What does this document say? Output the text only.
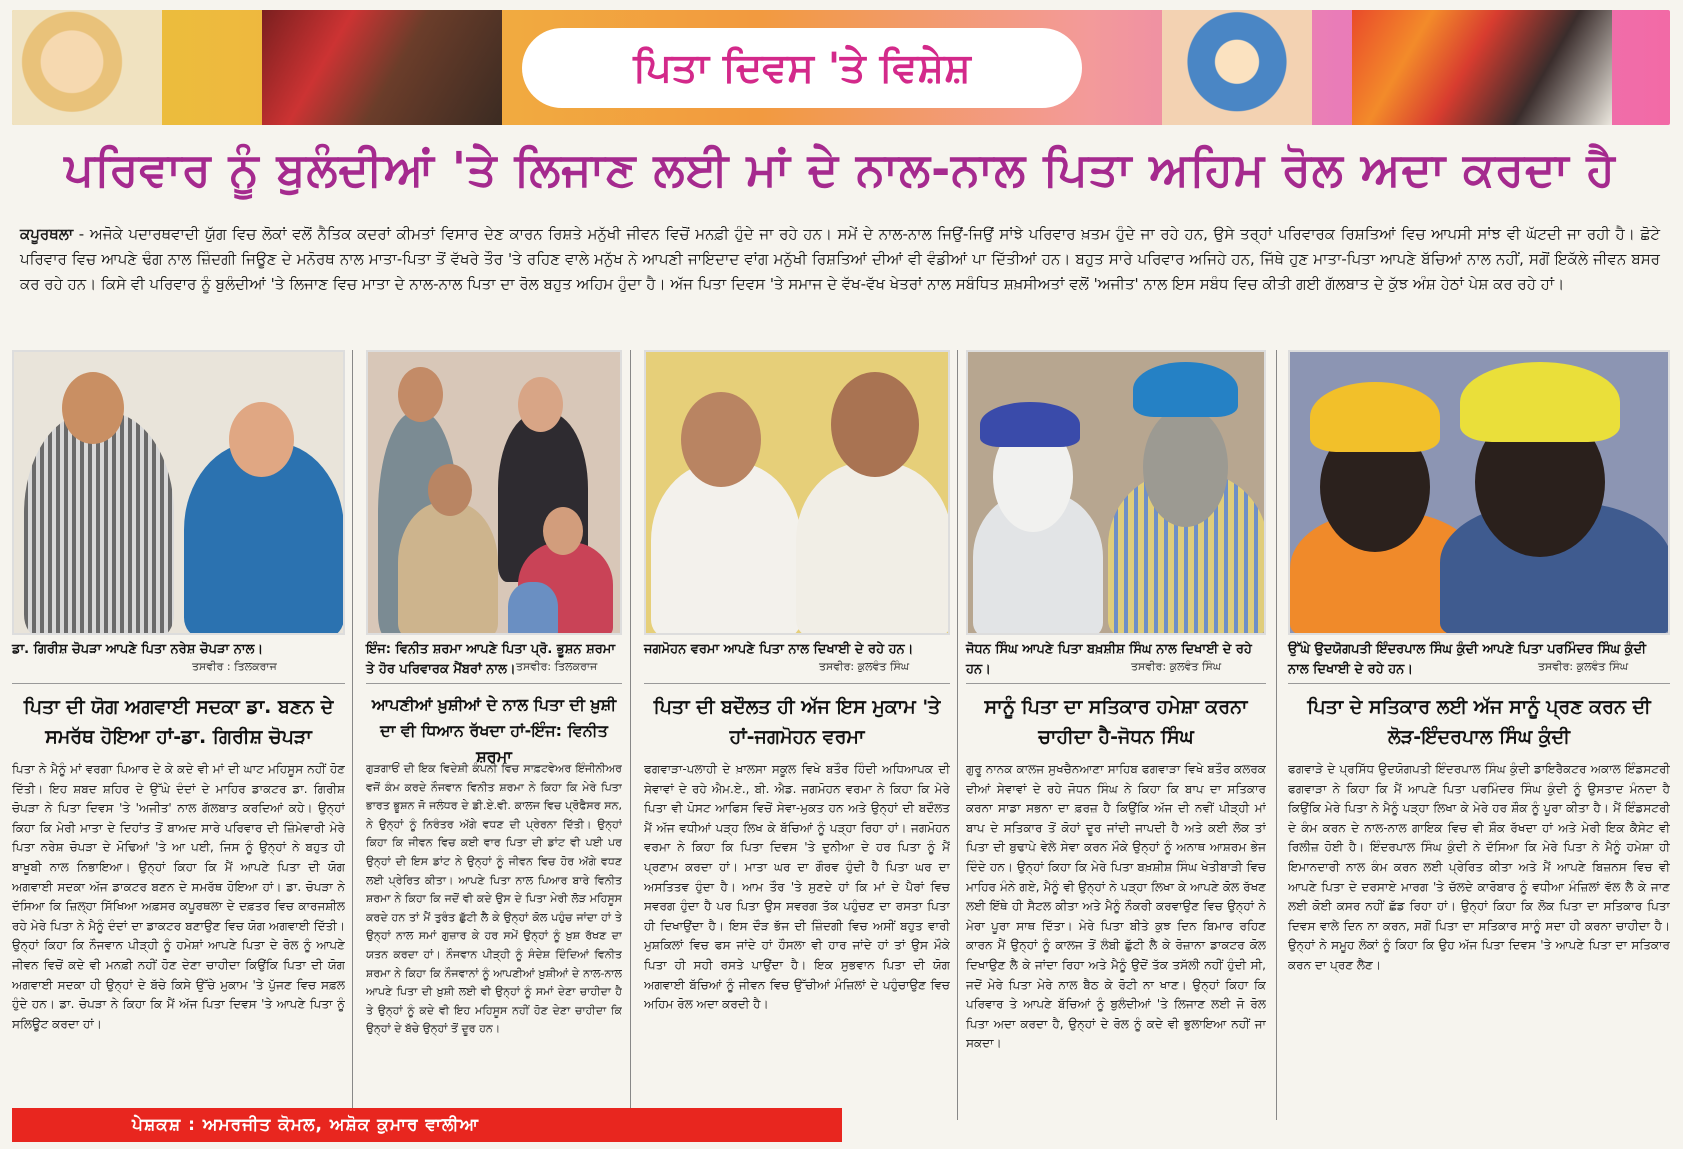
ਪਿਤਾ ਦਿਵਸ 'ਤੇ ਵਿਸ਼ੇਸ਼
ਪਰਿਵਾਰ ਨੂੰ ਬੁਲੰਦੀਆਂ 'ਤੇ ਲਿਜਾਣ ਲਈ ਮਾਂ ਦੇ ਨਾਲ-ਨਾਲ ਪਿਤਾ ਅਹਿਮ ਰੋਲ ਅਦਾ ਕਰਦਾ ਹੈ
ਕਪੂਰਥਲਾ - ਅਜੋਕੇ ਪਦਾਰਥਵਾਦੀ ਯੁੱਗ ਵਿਚ ਲੋਕਾਂ ਵਲੋਂ ਨੈਤਿਕ ਕਦਰਾਂ ਕੀਮਤਾਂ ਵਿਸਾਰ ਦੇਣ ਕਾਰਨ ਰਿਸ਼ਤੇ ਮਨੁੱਖੀ ਜੀਵਨ ਵਿਚੋਂ ਮਨਫ਼ੀ ਹੁੰਦੇ ਜਾ ਰਹੇ ਹਨ। ਸਮੇਂ ਦੇ ਨਾਲ-ਨਾਲ ਜਿਉਂ-ਜਿਉਂ ਸਾਂਝੇ ਪਰਿਵਾਰ ਖ਼ਤਮ ਹੁੰਦੇ ਜਾ ਰਹੇ ਹਨ, ਉਸੇ ਤਰ੍ਹਾਂ ਪਰਿਵਾਰਕ ਰਿਸ਼ਤਿਆਂ ਵਿਚ ਆਪਸੀ ਸਾਂਝ ਵੀ ਘੱਟਦੀ ਜਾ ਰਹੀ ਹੈ। ਛੋਟੇ ਪਰਿਵਾਰ ਵਿਚ ਆਪਣੇ ਢੰਗ ਨਾਲ ਜ਼ਿੰਦਗੀ ਜਿਊਣ ਦੇ ਮਨੋਰਥ ਨਾਲ ਮਾਤਾ-ਪਿਤਾ ਤੋਂ ਵੱਖਰੇ ਤੌਰ 'ਤੇ ਰਹਿਣ ਵਾਲੇ ਮਨੁੱਖ ਨੇ ਆਪਣੀ ਜਾਇਦਾਦ ਵਾਂਗ ਮਨੁੱਖੀ ਰਿਸ਼ਤਿਆਂ ਦੀਆਂ ਵੀ ਵੰਡੀਆਂ ਪਾ ਦਿੱਤੀਆਂ ਹਨ। ਬਹੁਤ ਸਾਰੇ ਪਰਿਵਾਰ ਅਜਿਹੇ ਹਨ, ਜਿੱਥੇ ਹੁਣ ਮਾਤਾ-ਪਿਤਾ ਆਪਣੇ ਬੱਚਿਆਂ ਨਾਲ ਨਹੀਂ, ਸਗੋਂ ਇਕੱਲੇ ਜੀਵਨ ਬਸਰ ਕਰ ਰਹੇ ਹਨ। ਕਿਸੇ ਵੀ ਪਰਿਵਾਰ ਨੂੰ ਬੁਲੰਦੀਆਂ 'ਤੇ ਲਿਜਾਣ ਵਿਚ ਮਾਤਾ ਦੇ ਨਾਲ-ਨਾਲ ਪਿਤਾ ਦਾ ਰੋਲ ਬਹੁਤ ਅਹਿਮ ਹੁੰਦਾ ਹੈ। ਅੱਜ ਪਿਤਾ ਦਿਵਸ 'ਤੇ ਸਮਾਜ ਦੇ ਵੱਖ-ਵੱਖ ਖੇਤਰਾਂ ਨਾਲ ਸਬੰਧਿਤ ਸ਼ਖ਼ਸੀਅਤਾਂ ਵਲੋਂ 'ਅਜੀਤ' ਨਾਲ ਇਸ ਸਬੰਧ ਵਿਚ ਕੀਤੀ ਗਈ ਗੱਲਬਾਤ ਦੇ ਕੁੱਝ ਅੰਸ਼ ਹੇਠਾਂ ਪੇਸ਼ ਕਰ ਰਹੇ ਹਾਂ।
ਡਾ. ਗਿਰੀਸ਼ ਚੋਪੜਾ ਆਪਣੇ ਪਿਤਾ ਨਰੇਸ਼ ਚੋਪੜਾ ਨਾਲ।
ਤਸਵੀਰ : ਤਿਲਕਰਾਜ
ਪਿਤਾ ਦੀ ਯੋਗ ਅਗਵਾਈ ਸਦਕਾ ਡਾ. ਬਣਨ ਦੇ ਸਮਰੱਥ ਹੋਇਆ ਹਾਂ-ਡਾ. ਗਿਰੀਸ਼ ਚੋਪੜਾ
ਪਿਤਾ ਨੇ ਮੈਨੂੰ ਮਾਂ ਵਰਗਾ ਪਿਆਰ ਦੇ ਕੇ ਕਦੇ ਵੀ ਮਾਂ ਦੀ ਘਾਟ ਮਹਿਸੂਸ ਨਹੀਂ ਹੋਣ ਦਿੱਤੀ। ਇਹ ਸ਼ਬਦ ਸ਼ਹਿਰ ਦੇ ਉੱਘੇ ਦੰਦਾਂ ਦੇ ਮਾਹਿਰ ਡਾਕਟਰ ਡਾ. ਗਿਰੀਸ਼ ਚੋਪੜਾ ਨੇ ਪਿਤਾ ਦਿਵਸ 'ਤੇ 'ਅਜੀਤ' ਨਾਲ ਗੱਲਬਾਤ ਕਰਦਿਆਂ ਕਹੇ। ਉਨ੍ਹਾਂ ਕਿਹਾ ਕਿ ਮੇਰੀ ਮਾਤਾ ਦੇ ਦਿਹਾਂਤ ਤੋਂ ਬਾਅਦ ਸਾਰੇ ਪਰਿਵਾਰ ਦੀ ਜ਼ਿੰਮੇਵਾਰੀ ਮੇਰੇ ਪਿਤਾ ਨਰੇਸ਼ ਚੋਪੜਾ ਦੇ ਮੋਢਿਆਂ 'ਤੇ ਆ ਪਈ, ਜਿਸ ਨੂੰ ਉਨ੍ਹਾਂ ਨੇ ਬਹੁਤ ਹੀ ਬਾਖੂਬੀ ਨਾਲ ਨਿਭਾਇਆ। ਉਨ੍ਹਾਂ ਕਿਹਾ ਕਿ ਮੈਂ ਆਪਣੇ ਪਿਤਾ ਦੀ ਯੋਗ ਅਗਵਾਈ ਸਦਕਾ ਅੱਜ ਡਾਕਟਰ ਬਣਨ ਦੇ ਸਮਰੱਥ ਹੋਇਆ ਹਾਂ। ਡਾ. ਚੋਪੜਾ ਨੇ ਦੱਸਿਆ ਕਿ ਜ਼ਿਲ੍ਹਾ ਸਿੱਖਿਆ ਅਫ਼ਸਰ ਕਪੂਰਥਲਾ ਦੇ ਦਫ਼ਤਰ ਵਿਚ ਕਾਰਜਸ਼ੀਲ ਰਹੇ ਮੇਰੇ ਪਿਤਾ ਨੇ ਮੈਨੂੰ ਦੰਦਾਂ ਦਾ ਡਾਕਟਰ ਬਣਾਉਣ ਵਿਚ ਯੋਗ ਅਗਵਾਈ ਦਿੱਤੀ। ਉਨ੍ਹਾਂ ਕਿਹਾ ਕਿ ਨੌਜਵਾਨ ਪੀੜ੍ਹੀ ਨੂੰ ਹਮੇਸ਼ਾਂ ਆਪਣੇ ਪਿਤਾ ਦੇ ਰੋਲ ਨੂੰ ਆਪਣੇ ਜੀਵਨ ਵਿਚੋਂ ਕਦੇ ਵੀ ਮਨਫ਼ੀ ਨਹੀਂ ਹੋਣ ਦੇਣਾ ਚਾਹੀਦਾ ਕਿਉਂਕਿ ਪਿਤਾ ਦੀ ਯੋਗ ਅਗਵਾਈ ਸਦਕਾ ਹੀ ਉਨ੍ਹਾਂ ਦੇ ਬੱਚੇ ਕਿਸੇ ਉੱਚੇ ਮੁਕਾਮ 'ਤੇ ਪੁੱਜਣ ਵਿਚ ਸਫ਼ਲ ਹੁੰਦੇ ਹਨ। ਡਾ. ਚੋਪੜਾ ਨੇ ਕਿਹਾ ਕਿ ਮੈਂ ਅੱਜ ਪਿਤਾ ਦਿਵਸ 'ਤੇ ਆਪਣੇ ਪਿਤਾ ਨੂੰ ਸਲਿਊਟ ਕਰਦਾ ਹਾਂ।
ਇੰਜ: ਵਿਨੀਤ ਸ਼ਰਮਾ ਆਪਣੇ ਪਿਤਾ ਪ੍ਰੋ. ਭੂਸ਼ਨ ਸ਼ਰਮਾ ਤੇ ਹੋਰ ਪਰਿਵਾਰਕ ਮੈਂਬਰਾਂ ਨਾਲ। ਤਸਵੀਰ: ਤਿਲਕਰਾਜ
ਆਪਣੀਆਂ ਖ਼ੁਸ਼ੀਆਂ ਦੇ ਨਾਲ ਪਿਤਾ ਦੀ ਖ਼ੁਸ਼ੀ ਦਾ ਵੀ ਧਿਆਨ ਰੱਖਦਾ ਹਾਂ-ਇੰਜ: ਵਿਨੀਤ ਸ਼ਰਮਾ
ਗੁੜਗਾਓਂ ਦੀ ਇਕ ਵਿਦੇਸ਼ੀ ਕੰਪਨੀ ਵਿਚ ਸਾਫ਼ਟਵੇਅਰ ਇੰਜੀਨੀਅਰ ਵਜੋਂ ਕੰਮ ਕਰਦੇ ਨੌਜਵਾਨ ਵਿਨੀਤ ਸ਼ਰਮਾ ਨੇ ਕਿਹਾ ਕਿ ਮੇਰੇ ਪਿਤਾ ਭਾਰਤ ਭੂਸ਼ਨ ਜੋ ਜਲੰਧਰ ਦੇ ਡੀ.ਏ.ਵੀ. ਕਾਲਜ ਵਿਚ ਪ੍ਰੋਫੈਸਰ ਸਨ, ਨੇ ਉਨ੍ਹਾਂ ਨੂੰ ਨਿਰੰਤਰ ਅੱਗੇ ਵਧਣ ਦੀ ਪ੍ਰੇਰਨਾ ਦਿੱਤੀ। ਉਨ੍ਹਾਂ ਕਿਹਾ ਕਿ ਜੀਵਨ ਵਿਚ ਕਈ ਵਾਰ ਪਿਤਾ ਦੀ ਡਾਂਟ ਵੀ ਪਈ ਪਰ ਉਨ੍ਹਾਂ ਦੀ ਇਸ ਡਾਂਟ ਨੇ ਉਨ੍ਹਾਂ ਨੂੰ ਜੀਵਨ ਵਿਚ ਹੋਰ ਅੱਗੇ ਵਧਣ ਲਈ ਪ੍ਰੇਰਿਤ ਕੀਤਾ। ਆਪਣੇ ਪਿਤਾ ਨਾਲ ਪਿਆਰ ਬਾਰੇ ਵਿਨੀਤ ਸ਼ਰਮਾ ਨੇ ਕਿਹਾ ਕਿ ਜਦੋਂ ਵੀ ਕਦੇ ਉਸ ਦੇ ਪਿਤਾ ਮੇਰੀ ਲੋੜ ਮਹਿਸੂਸ ਕਰਦੇ ਹਨ ਤਾਂ ਮੈਂ ਤੁਰੰਤ ਛੁੱਟੀ ਲੈ ਕੇ ਉਨ੍ਹਾਂ ਕੋਲ ਪਹੁੰਚ ਜਾਂਦਾ ਹਾਂ ਤੇ ਉਨ੍ਹਾਂ ਨਾਲ ਸਮਾਂ ਗੁਜ਼ਾਰ ਕੇ ਹਰ ਸਮੇਂ ਉਨ੍ਹਾਂ ਨੂੰ ਖ਼ੁਸ਼ ਰੱਖਣ ਦਾ ਯਤਨ ਕਰਦਾ ਹਾਂ। ਨੌਜਵਾਨ ਪੀੜ੍ਹੀ ਨੂੰ ਸੰਦੇਸ਼ ਦਿੰਦਿਆਂ ਵਿਨੀਤ ਸ਼ਰਮਾ ਨੇ ਕਿਹਾ ਕਿ ਨੌਜਵਾਨਾਂ ਨੂੰ ਆਪਣੀਆਂ ਖ਼ੁਸ਼ੀਆਂ ਦੇ ਨਾਲ-ਨਾਲ ਆਪਣੇ ਪਿਤਾ ਦੀ ਖ਼ੁਸ਼ੀ ਲਈ ਵੀ ਉਨ੍ਹਾਂ ਨੂੰ ਸਮਾਂ ਦੇਣਾ ਚਾਹੀਦਾ ਹੈ ਤੇ ਉਨ੍ਹਾਂ ਨੂੰ ਕਦੇ ਵੀ ਇਹ ਮਹਿਸੂਸ ਨਹੀਂ ਹੋਣ ਦੇਣਾ ਚਾਹੀਦਾ ਕਿ ਉਨ੍ਹਾਂ ਦੇ ਬੱਚੇ ਉਨ੍ਹਾਂ ਤੋਂ ਦੂਰ ਹਨ।
ਜਗਮੋਹਨ ਵਰਮਾ ਆਪਣੇ ਪਿਤਾ ਨਾਲ ਦਿਖਾਈ ਦੇ ਰਹੇ ਹਨ।
ਤਸਵੀਰ: ਕੁਲਵੰਤ ਸਿੰਘ
ਪਿਤਾ ਦੀ ਬਦੌਲਤ ਹੀ ਅੱਜ ਇਸ ਮੁਕਾਮ 'ਤੇ ਹਾਂ-ਜਗਮੋਹਨ ਵਰਮਾ
ਫਗਵਾੜਾ-ਪਲਾਹੀ ਦੇ ਖ਼ਾਲਸਾ ਸਕੂਲ ਵਿਖੇ ਬਤੌਰ ਹਿੰਦੀ ਅਧਿਆਪਕ ਦੀ ਸੇਵਾਵਾਂ ਦੇ ਰਹੇ ਐਮ.ਏ., ਬੀ. ਐਡ. ਜਗਮੋਹਨ ਵਰਮਾ ਨੇ ਕਿਹਾ ਕਿ ਮੇਰੇ ਪਿਤਾ ਵੀ ਪੋਸਟ ਆਫਿਸ ਵਿਚੋਂ ਸੇਵਾ-ਮੁਕਤ ਹਨ ਅਤੇ ਉਨ੍ਹਾਂ ਦੀ ਬਦੌਲਤ ਮੈਂ ਅੱਜ ਵਧੀਆਂ ਪੜ੍ਹ ਲਿਖ ਕੇ ਬੱਚਿਆਂ ਨੂੰ ਪੜ੍ਹਾ ਰਿਹਾ ਹਾਂ। ਜਗਮੋਹਨ ਵਰਮਾ ਨੇ ਕਿਹਾ ਕਿ ਪਿਤਾ ਦਿਵਸ 'ਤੇ ਦੁਨੀਆ ਦੇ ਹਰ ਪਿਤਾ ਨੂੰ ਮੈਂ ਪ੍ਰਣਾਮ ਕਰਦਾ ਹਾਂ। ਮਾਤਾ ਘਰ ਦਾ ਗੌਰਵ ਹੁੰਦੀ ਹੈ ਪਿਤਾ ਘਰ ਦਾ ਅਸਤਿਤਵ ਹੁੰਦਾ ਹੈ। ਆਮ ਤੌਰ 'ਤੇ ਸੁਣਦੇ ਹਾਂ ਕਿ ਮਾਂ ਦੇ ਪੈਰਾਂ ਵਿਚ ਸਵਰਗ ਹੁੰਦਾ ਹੈ ਪਰ ਪਿਤਾ ਉਸ ਸਵਰਗ ਤੱਕ ਪਹੁੰਚਣ ਦਾ ਰਸਤਾ ਪਿਤਾ ਹੀ ਦਿਖਾਉਂਦਾ ਹੈ। ਇਸ ਦੌੜ ਭੱਜ ਦੀ ਜ਼ਿੰਦਗੀ ਵਿਚ ਅਸੀਂ ਬਹੁਤ ਵਾਰੀ ਮੁਸ਼ਕਿਲਾਂ ਵਿਚ ਫਸ ਜਾਂਦੇ ਹਾਂ ਹੌਸਲਾ ਵੀ ਹਾਰ ਜਾਂਦੇ ਹਾਂ ਤਾਂ ਉਸ ਮੌਕੇ ਪਿਤਾ ਹੀ ਸਹੀ ਰਸਤੇ ਪਾਉਂਦਾ ਹੈ। ਇਕ ਸੁਭਵਾਨ ਪਿਤਾ ਦੀ ਯੋਗ ਅਗਵਾਈ ਬੱਚਿਆਂ ਨੂੰ ਜੀਵਨ ਵਿਚ ਉੱਚੀਆਂ ਮੰਜ਼ਿਲਾਂ ਦੇ ਪਹੁੰਚਾਉਣ ਵਿਚ ਅਹਿਮ ਰੋਲ ਅਦਾ ਕਰਦੀ ਹੈ।
ਜੋਧਨ ਸਿੰਘ ਆਪਣੇ ਪਿਤਾ ਬਖ਼ਸ਼ੀਸ਼ ਸਿੰਘ ਨਾਲ ਦਿਖਾਈ ਦੇ ਰਹੇ ਹਨ।	ਤਸਵੀਰ: ਕੁਲਵੰਤ ਸਿੰਘ
ਸਾਨੂੰ ਪਿਤਾ ਦਾ ਸਤਿਕਾਰ ਹਮੇਸ਼ਾ ਕਰਨਾ ਚਾਹੀਦਾ ਹੈ-ਜੋਧਨ ਸਿੰਘ
ਗੁਰੂ ਨਾਨਕ ਕਾਲਜ ਸੁਖਚੈਨਆਣਾ ਸਾਹਿਬ ਫਗਵਾੜਾ ਵਿਖੇ ਬਤੌਰ ਕਲਰਕ ਦੀਆਂ ਸੇਵਾਵਾਂ ਦੇ ਰਹੇ ਜੋਧਨ ਸਿੰਘ ਨੇ ਕਿਹਾ ਕਿ ਬਾਪ ਦਾ ਸਤਿਕਾਰ ਕਰਨਾ ਸਾਡਾ ਸਭਨਾ ਦਾ ਫ਼ਰਜ਼ ਹੈ ਕਿਉਂਕਿ ਅੱਜ ਦੀ ਨਵੀਂ ਪੀੜ੍ਹੀ ਮਾਂ ਬਾਪ ਦੇ ਸਤਿਕਾਰ ਤੋਂ ਕੋਹਾਂ ਦੂਰ ਜਾਂਦੀ ਜਾਪਦੀ ਹੈ ਅਤੇ ਕਈ ਲੋਕ ਤਾਂ ਪਿਤਾ ਦੀ ਬੁਢਾਪੇ ਵੇਲੇ ਸੇਵਾ ਕਰਨ ਮੌਕੇ ਉਨ੍ਹਾਂ ਨੂੰ ਅਨਾਥ ਆਸ਼ਰਮ ਭੇਜ ਦਿੰਦੇ ਹਨ। ਉਨ੍ਹਾਂ ਕਿਹਾ ਕਿ ਮੇਰੇ ਪਿਤਾ ਬਖ਼ਸ਼ੀਸ਼ ਸਿੰਘ ਖੇਤੀਬਾੜੀ ਵਿਚ ਮਾਹਿਰ ਮੰਨੇ ਗਏ, ਮੈਨੂੰ ਵੀ ਉਨ੍ਹਾਂ ਨੇ ਪੜ੍ਹਾ ਲਿਖਾ ਕੇ ਆਪਣੇ ਕੋਲ ਰੱਖਣ ਲਈ ਇੱਥੇ ਹੀ ਸੈਟਲ ਕੀਤਾ ਅਤੇ ਮੈਨੂੰ ਨੌਕਰੀ ਕਰਵਾਉਣ ਵਿਚ ਉਨ੍ਹਾਂ ਨੇ ਮੇਰਾ ਪੂਰਾ ਸਾਥ ਦਿੱਤਾ। ਮੇਰੇ ਪਿਤਾ ਬੀਤੇ ਕੁਝ ਦਿਨ ਬਿਮਾਰ ਰਹਿਣ ਕਾਰਨ ਮੈਂ ਉਨ੍ਹਾਂ ਨੂੰ ਕਾਲਜ ਤੋਂ ਲੰਬੀ ਛੁੱਟੀ ਲੈ ਕੇ ਰੋਜ਼ਾਨਾ ਡਾਕਟਰ ਕੋਲ ਦਿਖਾਉਣ ਲੈ ਕੇ ਜਾਂਦਾ ਰਿਹਾ ਅਤੇ ਮੈਨੂੰ ਉਦੋਂ ਤੱਕ ਤਸੱਲੀ ਨਹੀਂ ਹੁੰਦੀ ਸੀ, ਜਦੋਂ ਮੇਰੇ ਪਿਤਾ ਮੇਰੇ ਨਾਲ ਬੈਠ ਕੇ ਰੋਟੀ ਨਾ ਖਾਣ। ਉਨ੍ਹਾਂ ਕਿਹਾ ਕਿ ਪਰਿਵਾਰ ਤੇ ਆਪਣੇ ਬੱਚਿਆਂ ਨੂੰ ਬੁਲੰਦੀਆਂ 'ਤੇ ਲਿਜਾਣ ਲਈ ਜੋ ਰੋਲ ਪਿਤਾ ਅਦਾ ਕਰਦਾ ਹੈ, ਉਨ੍ਹਾਂ ਦੇ ਰੋਲ ਨੂੰ ਕਦੇ ਵੀ ਭੁਲਾਇਆ ਨਹੀਂ ਜਾ ਸਕਦਾ।
ਉੱਘੇ ਉਦਯੋਗਪਤੀ ਇੰਦਰਪਾਲ ਸਿੰਘ ਕੁੰਦੀ ਆਪਣੇ ਪਿਤਾ ਪਰਮਿੰਦਰ ਸਿੰਘ ਕੁੰਦੀ ਨਾਲ ਦਿਖਾਈ ਦੇ ਰਹੇ ਹਨ।	ਤਸਵੀਰ: ਕੁਲਵੰਤ ਸਿੰਘ
ਪਿਤਾ ਦੇ ਸਤਿਕਾਰ ਲਈ ਅੱਜ ਸਾਨੂੰ ਪ੍ਰਣ ਕਰਨ ਦੀ ਲੋੜ-ਇੰਦਰਪਾਲ ਸਿੰਘ ਕੁੰਦੀ
ਫਗਵਾੜੇ ਦੇ ਪ੍ਰਸਿੱਧ ਉਦਯੋਗਪਤੀ ਇੰਦਰਪਾਲ ਸਿੰਘ ਕੁੰਦੀ ਡਾਇਰੈਕਟਰ ਅਕਾਲ ਇੰਡਸਟਰੀ ਫਗਵਾੜਾ ਨੇ ਕਿਹਾ ਕਿ ਮੈਂ ਆਪਣੇ ਪਿਤਾ ਪਰਮਿੰਦਰ ਸਿੰਘ ਕੁੰਦੀ ਨੂੰ ਉਸਤਾਦ ਮੰਨਦਾ ਹੈ ਕਿਉਂਕਿ ਮੇਰੇ ਪਿਤਾ ਨੇ ਮੈਨੂੰ ਪੜ੍ਹਾ ਲਿਖਾ ਕੇ ਮੇਰੇ ਹਰ ਸ਼ੌਕ ਨੂੰ ਪੂਰਾ ਕੀਤਾ ਹੈ। ਮੈਂ ਇੰਡਸਟਰੀ ਦੇ ਕੰਮ ਕਰਨ ਦੇ ਨਾਲ-ਨਾਲ ਗਾਇਕ ਵਿਚ ਵੀ ਸ਼ੌਕ ਰੱਖਦਾ ਹਾਂ ਅਤੇ ਮੇਰੀ ਇਕ ਕੈਸੇਟ ਵੀ ਰਿਲੀਜ਼ ਹੋਈ ਹੈ। ਇੰਦਰਪਾਲ ਸਿੰਘ ਕੁੰਦੀ ਨੇ ਦੱਸਿਆ ਕਿ ਮੇਰੇ ਪਿਤਾ ਨੇ ਮੈਨੂੰ ਹਮੇਸ਼ਾ ਹੀ ਇਮਾਨਦਾਰੀ ਨਾਲ ਕੰਮ ਕਰਨ ਲਈ ਪ੍ਰੇਰਿਤ ਕੀਤਾ ਅਤੇ ਮੈਂ ਆਪਣੇ ਬਿਜ਼ਨਸ ਵਿਚ ਵੀ ਆਪਣੇ ਪਿਤਾ ਦੇ ਦਰਸਾਏ ਮਾਰਗ 'ਤੇ ਚੱਲਦੇ ਕਾਰੋਬਾਰ ਨੂੰ ਵਧੀਆ ਮੰਜ਼ਿਲਾਂ ਵੱਲ ਲੈ ਕੇ ਜਾਣ ਲਈ ਕੋਈ ਕਸਰ ਨਹੀਂ ਛੱਡ ਰਿਹਾ ਹਾਂ। ਉਨ੍ਹਾਂ ਕਿਹਾ ਕਿ ਲੋਕ ਪਿਤਾ ਦਾ ਸਤਿਕਾਰ ਪਿਤਾ ਦਿਵਸ ਵਾਲੇ ਦਿਨ ਨਾ ਕਰਨ, ਸਗੋਂ ਪਿਤਾ ਦਾ ਸਤਿਕਾਰ ਸਾਨੂੰ ਸਦਾ ਹੀ ਕਰਨਾ ਚਾਹੀਦਾ ਹੈ। ਉਨ੍ਹਾਂ ਨੇ ਸਮੂਹ ਲੋਕਾਂ ਨੂੰ ਕਿਹਾ ਕਿ ਉਹ ਅੱਜ ਪਿਤਾ ਦਿਵਸ 'ਤੇ ਆਪਣੇ ਪਿਤਾ ਦਾ ਸਤਿਕਾਰ ਕਰਨ ਦਾ ਪ੍ਰਣ ਲੈਣ।
ਪੇਸ਼ਕਸ਼ : ਅਮਰਜੀਤ ਕੋਮਲ, ਅਸ਼ੋਕ ਕੁਮਾਰ ਵਾਲੀਆ
